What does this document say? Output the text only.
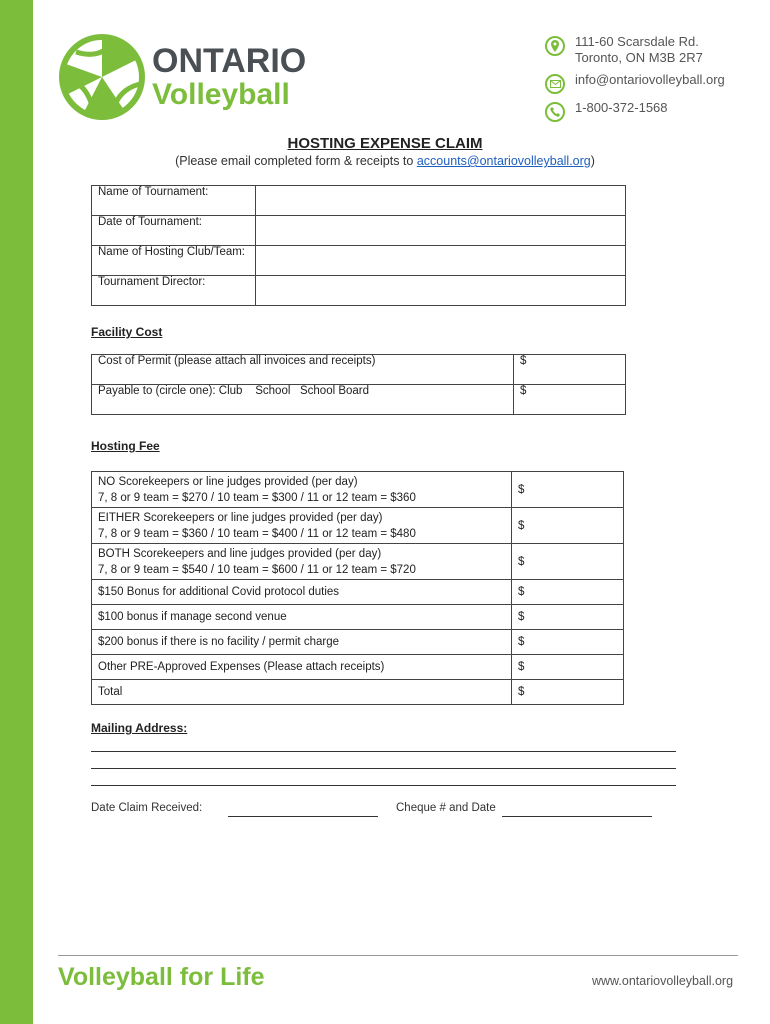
ONTARIO
Volleyball
111-60 Scarsdale Rd.
Toronto, ON M3B 2R7
info@ontariovolleyball.org
1-800-372-1568
HOSTING EXPENSE CLAIM
(Please email completed form & receipts to accounts@ontariovolleyball.org)
Name of Tournament:	
Date of Tournament:	
Name of Hosting Club/Team:	
Tournament Director:	
Facility Cost
Cost of Permit (please attach all invoices and receipts)	$
Payable to (circle one): Club    School   School Board	$
Hosting Fee
NO Scorekeepers or line judges provided (per day)
7, 8 or 9 team = $270 / 10 team = $300 / 11 or 12 team = $360	$

EITHER Scorekeepers or line judges provided (per day)
7, 8 or 9 team = $360 / 10 team = $400 / 11 or 12 team = $480	$

BOTH Scorekeepers and line judges provided (per day)
7, 8 or 9 team = $540 / 10 team = $600 / 11 or 12 team = $720	$
$150 Bonus for additional Covid protocol duties	$
$100 bonus if manage second venue	$
$200 bonus if there is no facility / permit charge	$
Other PRE-Approved Expenses (Please attach receipts)	$
Total	$
Mailing Address:
Date Claim Received:	Cheque # and Date
Volleyball for Life	www.ontariovolleyball.org
